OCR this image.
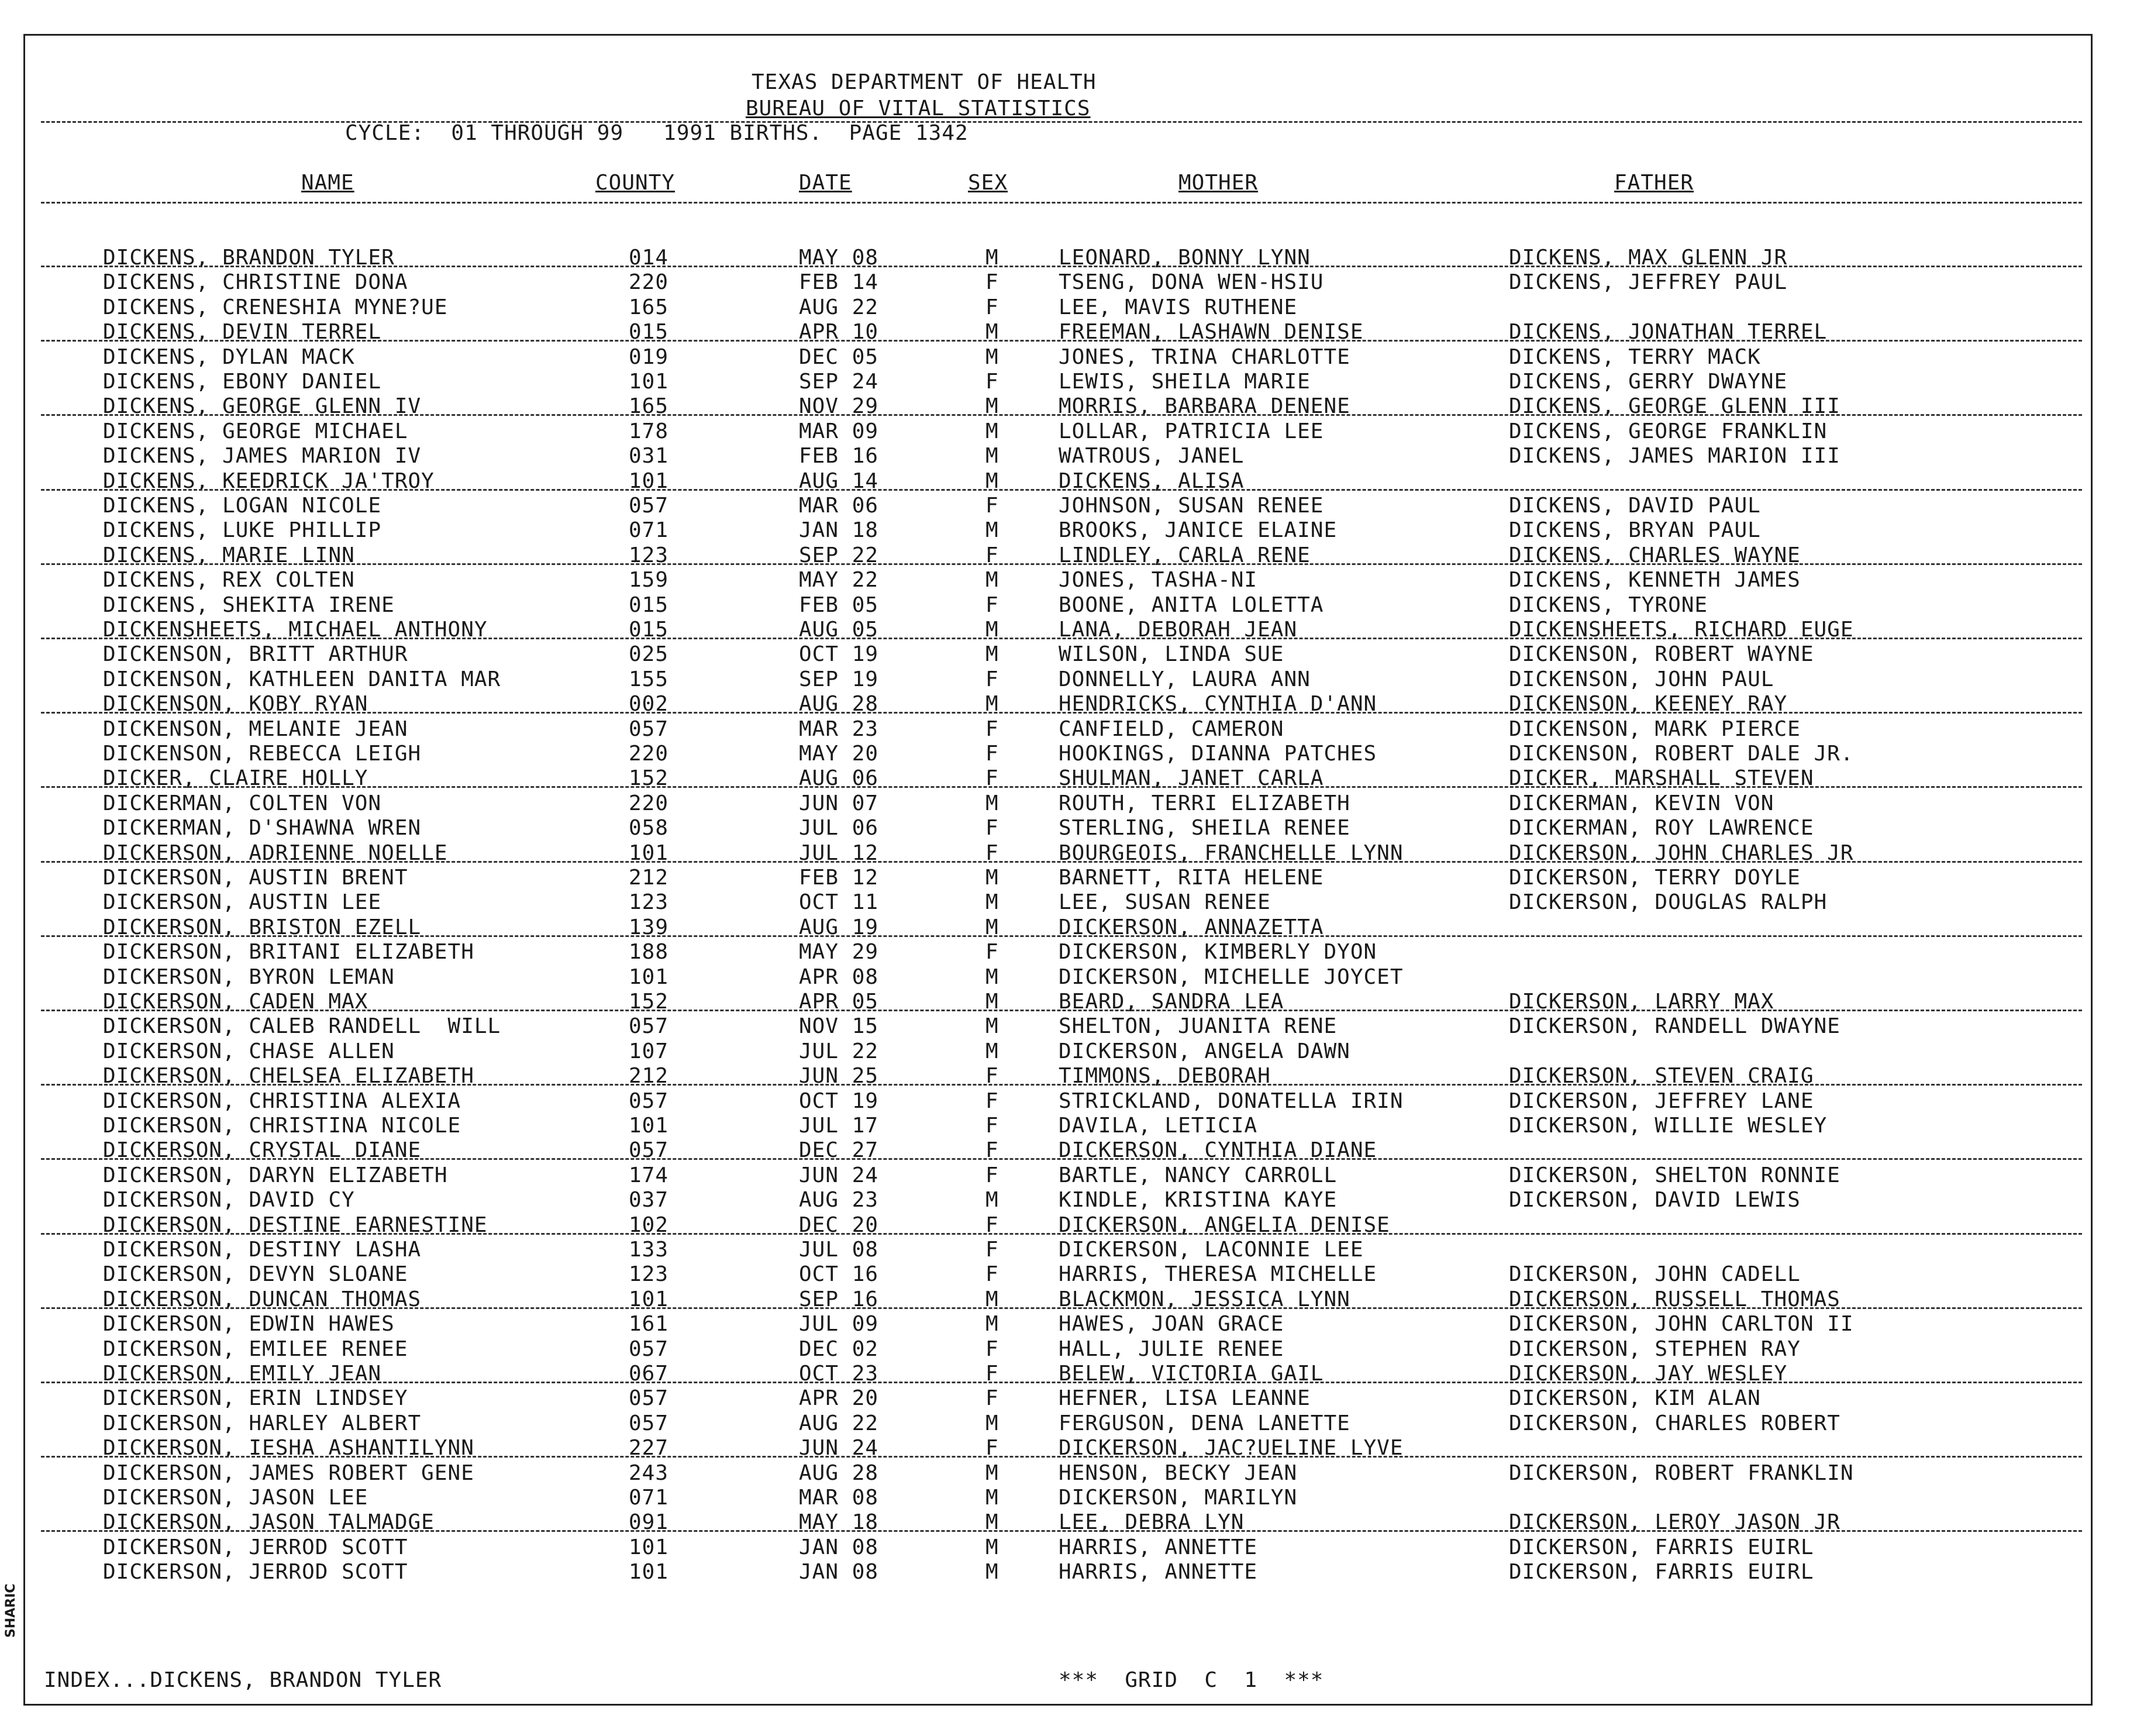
TEXAS DEPARTMENT OF HEALTH
BUREAU OF VITAL STATISTICS
CYCLE:  01 THROUGH 99   1991 BIRTHS.  PAGE 1342
NAME	COUNTY	DATE	SEX	MOTHER	FATHER
DICKENS, BRANDON TYLER	014	MAY 08	M	LEONARD, BONNY LYNN	DICKENS, MAX GLENN JR
DICKENS, CHRISTINE DONA	220	FEB 14	F	TSENG, DONA WEN-HSIU	DICKENS, JEFFREY PAUL
DICKENS, CRENESHIA MYNE?UE	165	AUG 22	F	LEE, MAVIS RUTHENE
DICKENS, DEVIN TERREL	015	APR 10	M	FREEMAN, LASHAWN DENISE	DICKENS, JONATHAN TERREL
DICKENS, DYLAN MACK	019	DEC 05	M	JONES, TRINA CHARLOTTE	DICKENS, TERRY MACK
DICKENS, EBONY DANIEL	101	SEP 24	F	LEWIS, SHEILA MARIE	DICKENS, GERRY DWAYNE
DICKENS, GEORGE GLENN IV	165	NOV 29	M	MORRIS, BARBARA DENENE	DICKENS, GEORGE GLENN III
DICKENS, GEORGE MICHAEL	178	MAR 09	M	LOLLAR, PATRICIA LEE	DICKENS, GEORGE FRANKLIN
DICKENS, JAMES MARION IV	031	FEB 16	M	WATROUS, JANEL	DICKENS, JAMES MARION III
DICKENS, KEEDRICK JA'TROY	101	AUG 14	M	DICKENS, ALISA
DICKENS, LOGAN NICOLE	057	MAR 06	F	JOHNSON, SUSAN RENEE	DICKENS, DAVID PAUL
DICKENS, LUKE PHILLIP	071	JAN 18	M	BROOKS, JANICE ELAINE	DICKENS, BRYAN PAUL
DICKENS, MARIE LINN	123	SEP 22	F	LINDLEY, CARLA RENE	DICKENS, CHARLES WAYNE
DICKENS, REX COLTEN	159	MAY 22	M	JONES, TASHA-NI	DICKENS, KENNETH JAMES
DICKENS, SHEKITA IRENE	015	FEB 05	F	BOONE, ANITA LOLETTA	DICKENS, TYRONE
DICKENSHEETS, MICHAEL ANTHONY	015	AUG 05	M	LANA, DEBORAH JEAN	DICKENSHEETS, RICHARD EUGE
DICKENSON, BRITT ARTHUR	025	OCT 19	M	WILSON, LINDA SUE	DICKENSON, ROBERT WAYNE
DICKENSON, KATHLEEN DANITA MAR	155	SEP 19	F	DONNELLY, LAURA ANN	DICKENSON, JOHN PAUL
DICKENSON, KOBY RYAN	002	AUG 28	M	HENDRICKS, CYNTHIA D'ANN	DICKENSON, KEENEY RAY
DICKENSON, MELANIE JEAN	057	MAR 23	F	CANFIELD, CAMERON	DICKENSON, MARK PIERCE
DICKENSON, REBECCA LEIGH	220	MAY 20	F	HOOKINGS, DIANNA PATCHES	DICKENSON, ROBERT DALE JR.
DICKER, CLAIRE HOLLY	152	AUG 06	F	SHULMAN, JANET CARLA	DICKER, MARSHALL STEVEN
DICKERMAN, COLTEN VON	220	JUN 07	M	ROUTH, TERRI ELIZABETH	DICKERMAN, KEVIN VON
DICKERMAN, D'SHAWNA WREN	058	JUL 06	F	STERLING, SHEILA RENEE	DICKERMAN, ROY LAWRENCE
DICKERSON, ADRIENNE NOELLE	101	JUL 12	F	BOURGEOIS, FRANCHELLE LYNN	DICKERSON, JOHN CHARLES JR
DICKERSON, AUSTIN BRENT	212	FEB 12	M	BARNETT, RITA HELENE	DICKERSON, TERRY DOYLE
DICKERSON, AUSTIN LEE	123	OCT 11	M	LEE, SUSAN RENEE	DICKERSON, DOUGLAS RALPH
DICKERSON, BRISTON EZELL	139	AUG 19	M	DICKERSON, ANNAZETTA
DICKERSON, BRITANI ELIZABETH	188	MAY 29	F	DICKERSON, KIMBERLY DYON
DICKERSON, BYRON LEMAN	101	APR 08	M	DICKERSON, MICHELLE JOYCET
DICKERSON, CADEN MAX	152	APR 05	M	BEARD, SANDRA LEA	DICKERSON, LARRY MAX
DICKERSON, CALEB RANDELL  WILL	057	NOV 15	M	SHELTON, JUANITA RENE	DICKERSON, RANDELL DWAYNE
DICKERSON, CHASE ALLEN	107	JUL 22	M	DICKERSON, ANGELA DAWN
DICKERSON, CHELSEA ELIZABETH	212	JUN 25	F	TIMMONS, DEBORAH	DICKERSON, STEVEN CRAIG
DICKERSON, CHRISTINA ALEXIA	057	OCT 19	F	STRICKLAND, DONATELLA IRIN	DICKERSON, JEFFREY LANE
DICKERSON, CHRISTINA NICOLE	101	JUL 17	F	DAVILA, LETICIA	DICKERSON, WILLIE WESLEY
DICKERSON, CRYSTAL DIANE	057	DEC 27	F	DICKERSON, CYNTHIA DIANE
DICKERSON, DARYN ELIZABETH	174	JUN 24	F	BARTLE, NANCY CARROLL	DICKERSON, SHELTON RONNIE
DICKERSON, DAVID CY	037	AUG 23	M	KINDLE, KRISTINA KAYE	DICKERSON, DAVID LEWIS
DICKERSON, DESTINE EARNESTINE	102	DEC 20	F	DICKERSON, ANGELIA DENISE
DICKERSON, DESTINY LASHA	133	JUL 08	F	DICKERSON, LACONNIE LEE
DICKERSON, DEVYN SLOANE	123	OCT 16	F	HARRIS, THERESA MICHELLE	DICKERSON, JOHN CADELL
DICKERSON, DUNCAN THOMAS	101	SEP 16	M	BLACKMON, JESSICA LYNN	DICKERSON, RUSSELL THOMAS
DICKERSON, EDWIN HAWES	161	JUL 09	M	HAWES, JOAN GRACE	DICKERSON, JOHN CARLTON II
DICKERSON, EMILEE RENEE	057	DEC 02	F	HALL, JULIE RENEE	DICKERSON, STEPHEN RAY
DICKERSON, EMILY JEAN	067	OCT 23	F	BELEW, VICTORIA GAIL	DICKERSON, JAY WESLEY
DICKERSON, ERIN LINDSEY	057	APR 20	F	HEFNER, LISA LEANNE	DICKERSON, KIM ALAN
DICKERSON, HARLEY ALBERT	057	AUG 22	M	FERGUSON, DENA LANETTE	DICKERSON, CHARLES ROBERT
DICKERSON, IESHA ASHANTILYNN	227	JUN 24	F	DICKERSON, JAC?UELINE LYVE
DICKERSON, JAMES ROBERT GENE	243	AUG 28	M	HENSON, BECKY JEAN	DICKERSON, ROBERT FRANKLIN
DICKERSON, JASON LEE	071	MAR 08	M	DICKERSON, MARILYN
DICKERSON, JASON TALMADGE	091	MAY 18	M	LEE, DEBRA LYN	DICKERSON, LEROY JASON JR
DICKERSON, JERROD SCOTT	101	JAN 08	M	HARRIS, ANNETTE	DICKERSON, FARRIS EUIRL
DICKERSON, JERROD SCOTT	101	JAN 08	M	HARRIS, ANNETTE	DICKERSON, FARRIS EUIRL
INDEX...DICKENS, BRANDON TYLER	***  GRID  C  1  ***
SHARIC
